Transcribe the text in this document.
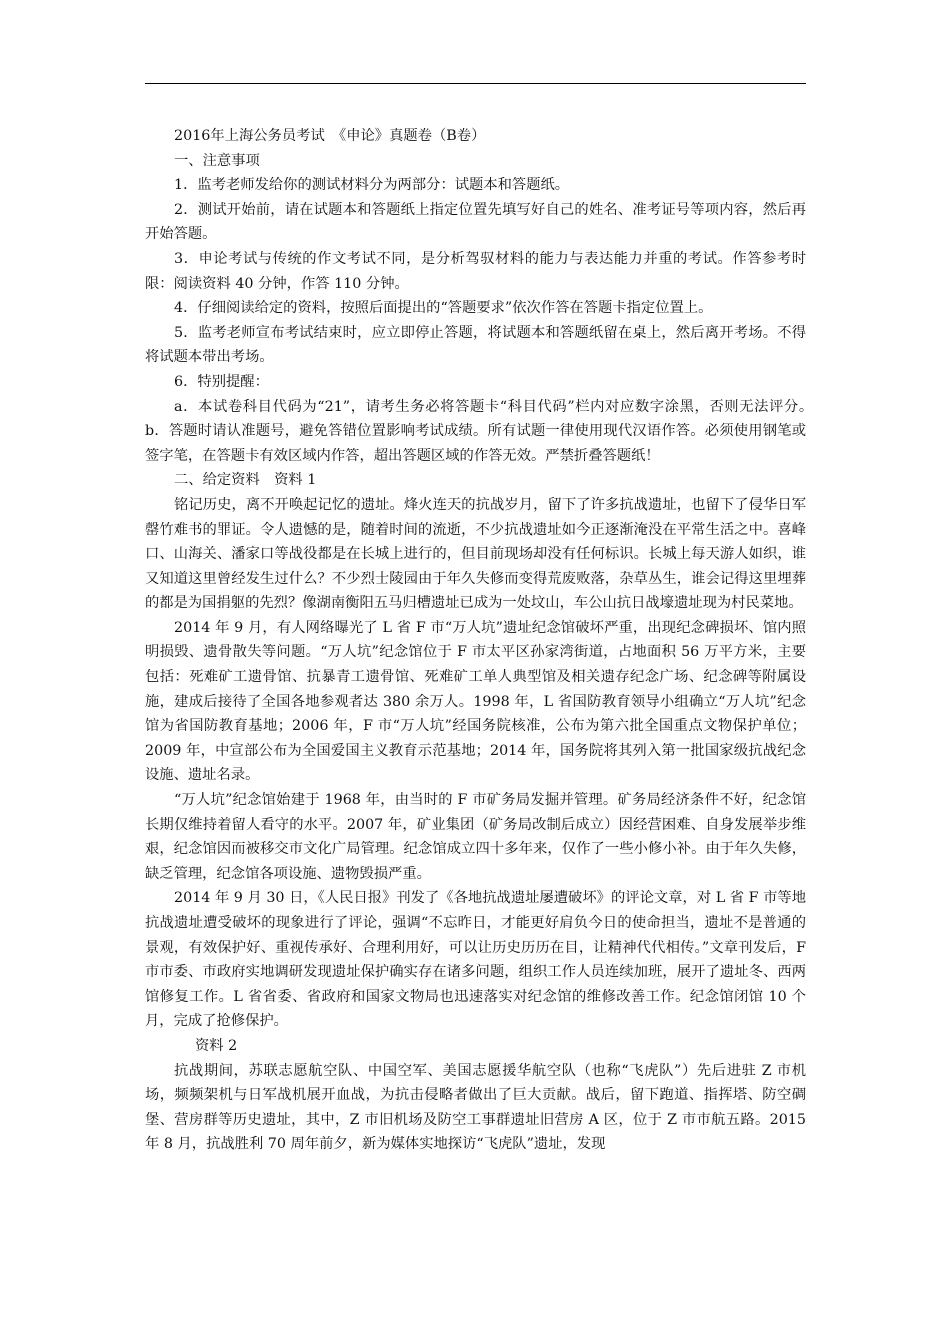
2016年上海公务员考试　《申论》真题卷（B卷）

一、注意事项

1．监考老师发给你的测试材料分为两部分：试题本和答题纸。

2．测试开始前，请在试题本和答题纸上指定位置先填写好自己的姓名、准考证号等项内容，然后再开始答题。

3．申论考试与传统的作文考试不同，是分析驾驭材料的能力与表达能力并重的考试。作答参考时限：阅读资料 40 分钟，作答 110 分钟。

4．仔细阅读给定的资料，按照后面提出的“答题要求”依次作答在答题卡指定位置上。

5．监考老师宣布考试结束时，应立即停止答题，将试题本和答题纸留在桌上，然后离开考场。不得将试题本带出考场。

6．特别提醒：

a．本试卷科目代码为“21”，请考生务必将答题卡“科目代码”栏内对应数字涂黑，否则无法评分。　b．答题时请认准题号，避免答错位置影响考试成绩。所有试题一律使用现代汉语作答。必须使用钢笔或签字笔，在答题卡有效区域内作答，超出答题区域的作答无效。严禁折叠答题纸！

二、给定资料　资料 1

铭记历史，离不开唤起记忆的遗址。烽火连天的抗战岁月，留下了许多抗战遗址，也留下了侵华日军罄竹难书的罪证。令人遗憾的是，随着时间的流逝，不少抗战遗址如今正逐渐淹没在平常生活之中。喜峰口、山海关、潘家口等战役都是在长城上进行的，但目前现场却没有任何标识。长城上每天游人如织，谁又知道这里曾经发生过什么？不少烈士陵园由于年久失修而变得荒废败落，杂草丛生，谁会记得这里埋葬的都是为国捐躯的先烈？像湖南衡阳五马归槽遗址已成为一处坟山，车公山抗日战壕遗址现为村民菜地。

2014 年 9 月，有人网络曝光了 L 省 F 市“万人坑”遗址纪念馆破坏严重，出现纪念碑损坏、馆内照明损毁、遗骨散失等问题。“万人坑”纪念馆位于 F 市太平区孙家湾街道，占地面积 56 万平方米，主要包括：死难矿工遗骨馆、抗暴青工遗骨馆、死难矿工单人典型馆及相关遗存纪念广场、纪念碑等附属设施，建成后接待了全国各地参观者达 380 余万人。1998 年，L 省国防教育领导小组确立“万人坑”纪念馆为省国防教育基地；2006 年，F 市“万人坑”经国务院核准，公布为第六批全国重点文物保护单位；2009 年，中宣部公布为全国爱国主义教育示范基地；2014 年，国务院将其列入第一批国家级抗战纪念设施、遗址名录。

“万人坑”纪念馆始建于 1968 年，由当时的 F 市矿务局发掘并管理。矿务局经济条件不好，纪念馆长期仅维持着留人看守的水平。2007 年，矿业集团（矿务局改制后成立）因经营困难、自身发展举步维艰，纪念馆因而被移交市文化广局管理。纪念馆成立四十多年来，仅作了一些小修小补。由于年久失修，缺乏管理，纪念馆各项设施、遗物毁损严重。

2014 年 9 月 30 日，《人民日报》刊发了《各地抗战遗址屡遭破坏》的评论文章，对 L 省 F 市等地抗战遗址遭受破坏的现象进行了评论，强调“不忘昨日，才能更好肩负今日的使命担当，遗址不是普通的景观，有效保护好、重视传承好、合理利用好，可以让历史历历在目，让精神代代相传。”文章刊发后，F 市市委、市政府实地调研发现遗址保护确实存在诸多问题，组织工作人员连续加班，展开了遗址冬、西两馆修复工作。L 省省委、省政府和国家文物局也迅速落实对纪念馆的维修改善工作。纪念馆闭馆 10 个月，完成了抢修保护。

资料 2

抗战期间，苏联志愿航空队、中国空军、美国志愿援华航空队（也称“飞虎队”）先后进驻 Z 市机场，频频架机与日军战机展开血战，为抗击侵略者做出了巨大贡献。战后，留下跑道、指挥塔、防空碉堡、营房群等历史遗址，其中，Z 市旧机场及防空工事群遗址旧营房 A 区，位于 Z 市市航五路。2015 年 8 月，抗战胜利 70 周年前夕，新为媒体实地探访“飞虎队”遗址，发现
